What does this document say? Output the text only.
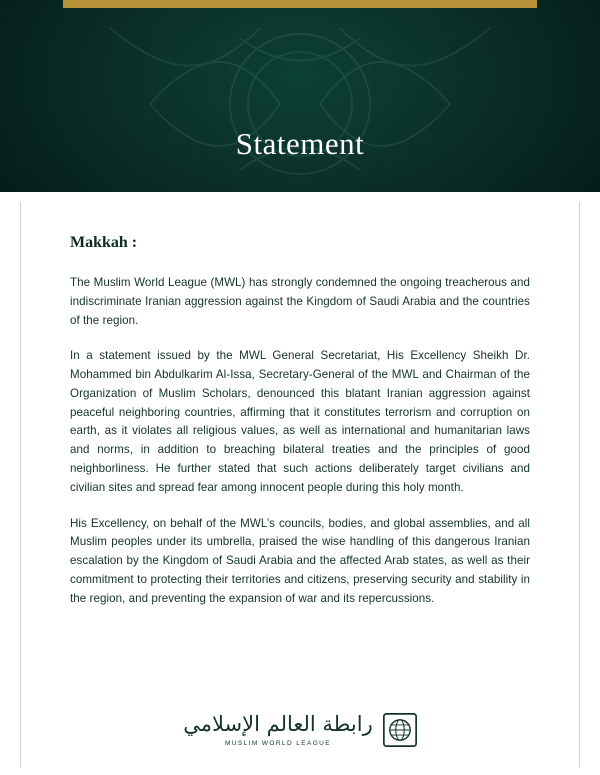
Statement
Makkah :

The Muslim World League (MWL) has strongly condemned the ongoing treacherous and indiscriminate Iranian aggression against the Kingdom of Saudi Arabia and the countries of the region.

In a statement issued by the MWL General Secretariat, His Excellency Sheikh Dr. Mohammed bin Abdulkarim Al-Issa, Secretary-General of the MWL and Chairman of the Organization of Muslim Scholars, denounced this blatant Iranian aggression against peaceful neighboring countries, affirming that it constitutes terrorism and corruption on earth, as it violates all religious values, as well as international and humanitarian laws and norms, in addition to breaching bilateral treaties and the principles of good neighborliness. He further stated that such actions deliberately target civilians and civilian sites and spread fear among innocent people during this holy month.

His Excellency, on behalf of the MWL’s councils, bodies, and global assemblies, and all Muslim peoples under its umbrella, praised the wise handling of this dangerous Iranian escalation by the Kingdom of Saudi Arabia and the affected Arab states, as well as their commitment to protecting their territories and citizens, preserving security and stability in the region, and preventing the expansion of war and its repercussions.

رابطة العالم الإسلامي
MUSLIM WORLD LEAGUE
